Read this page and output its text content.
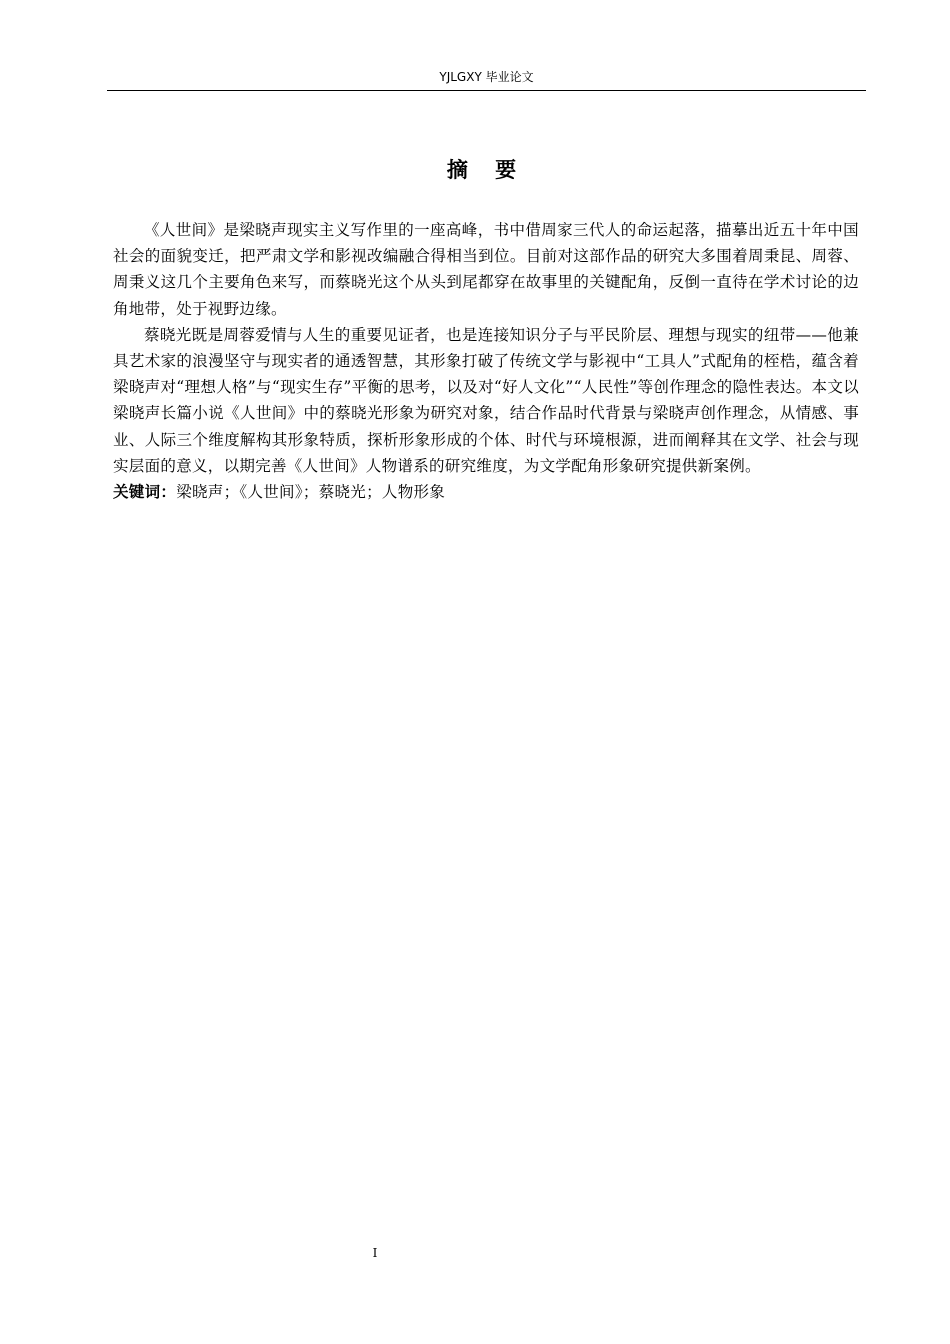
YJLGXY 毕业论文
摘 要

《人世间》是梁晓声现实主义写作里的一座高峰，书中借周家三代人的命运起落，描摹出近五十年中国社会的面貌变迁，把严肃文学和影视改编融合得相当到位。目前对这部作品的研究大多围着周秉昆、周蓉、周秉义这几个主要角色来写，而蔡晓光这个从头到尾都穿在故事里的关键配角，反倒一直待在学术讨论的边角地带，处于视野边缘。

蔡晓光既是周蓉爱情与人生的重要见证者，也是连接知识分子与平民阶层、理想与现实的纽带——他兼具艺术家的浪漫坚守与现实者的通透智慧，其形象打破了传统文学与影视中“工具人”式配角的桎梏，蕴含着梁晓声对“理想人格”与“现实生存”平衡的思考，以及对“好人文化”“人民性”等创作理念的隐性表达。本文以梁晓声长篇小说《人世间》中的蔡晓光形象为研究对象，结合作品时代背景与梁晓声创作理念，从情感、事业、人际三个维度解构其形象特质，探析形象形成的个体、时代与环境根源，进而阐释其在文学、社会与现实层面的意义，以期完善《人世间》人物谱系的研究维度，为文学配角形象研究提供新案例。

关键词：梁晓声；《人世间》；蔡晓光；人物形象

I
